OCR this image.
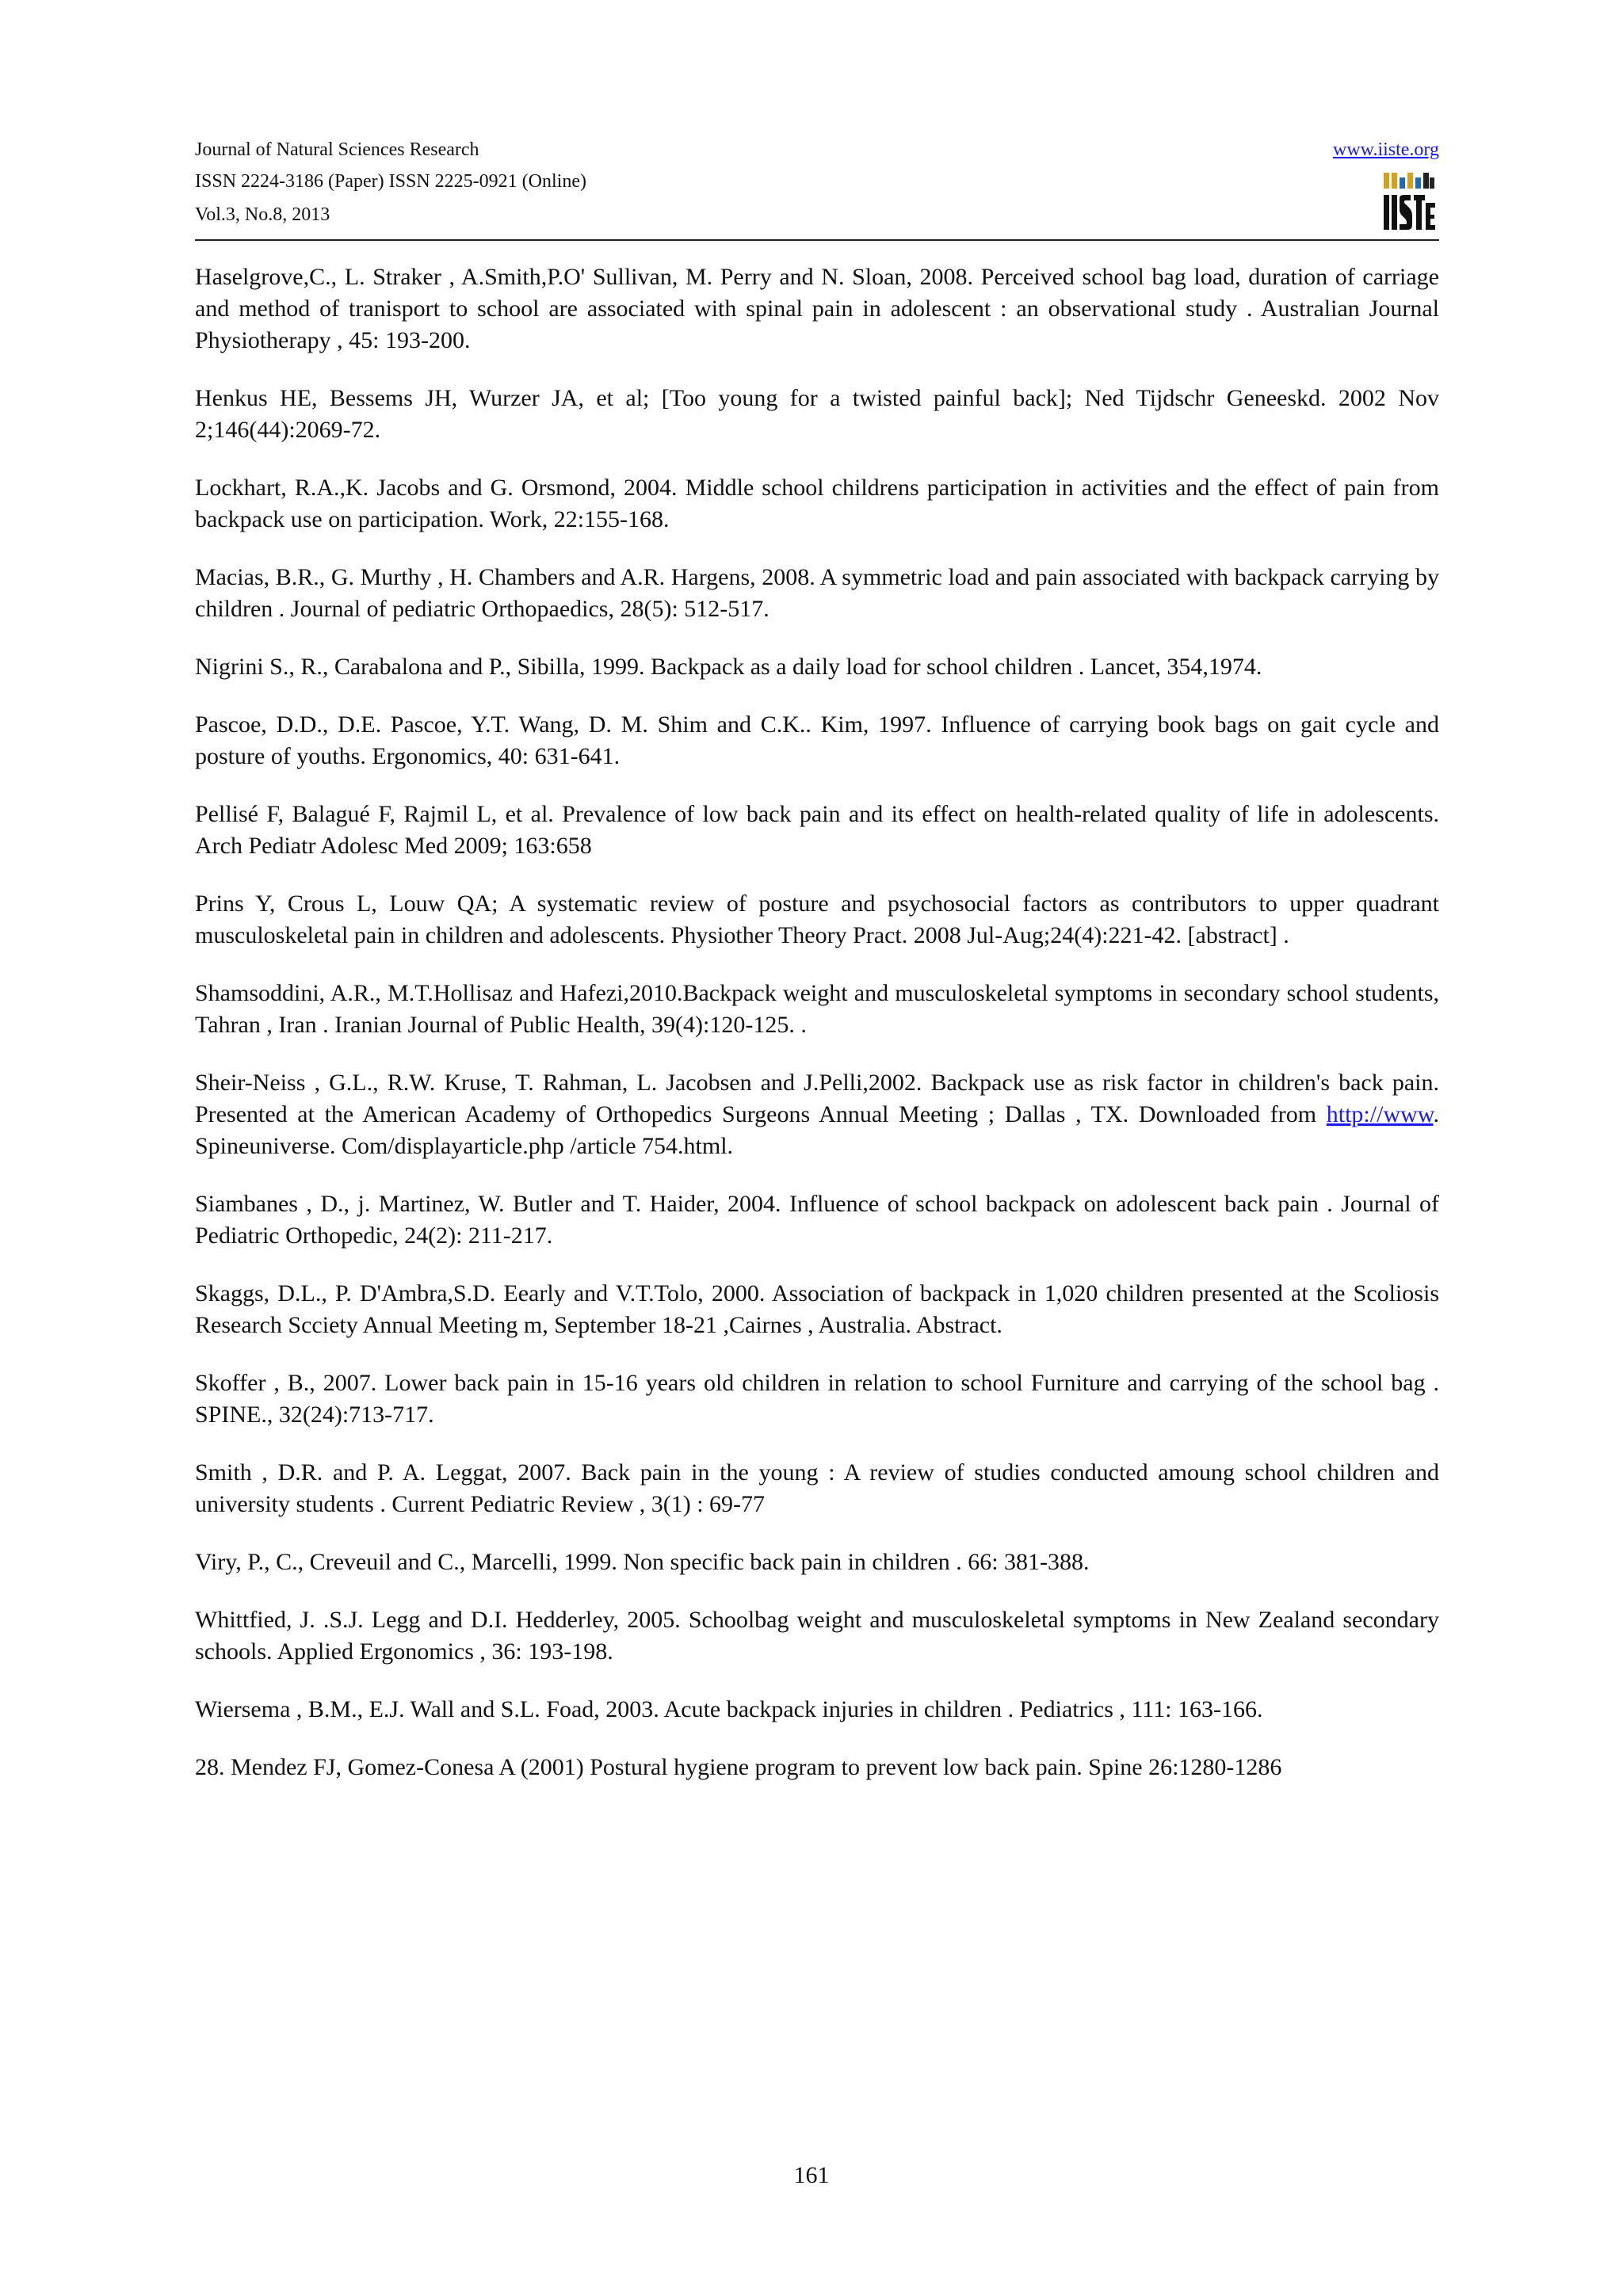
Journal of Natural Sciences Research
ISSN 2224-3186 (Paper) ISSN 2225-0921 (Online)
Vol.3, No.8, 2013
www.iiste.org

Haselgrove,C., L. Straker , A.Smith,P.O' Sullivan, M. Perry and N. Sloan, 2008. Perceived school bag load, duration of carriage and method of tranisport to school are associated with spinal pain in adolescent : an observational study . Australian Journal Physiotherapy , 45: 193-200.

Henkus HE, Bessems JH, Wurzer JA, et al; [Too young for a twisted painful back]; Ned Tijdschr Geneeskd. 2002 Nov 2;146(44):2069-72.

Lockhart, R.A.,K. Jacobs and G. Orsmond, 2004. Middle school childrens participation in activities and the effect of pain from backpack use on participation. Work, 22:155-168.

Macias, B.R., G. Murthy , H. Chambers and A.R. Hargens, 2008. A symmetric load and pain associated with backpack carrying by children . Journal of pediatric Orthopaedics, 28(5): 512-517.

Nigrini S., R., Carabalona and P., Sibilla, 1999. Backpack as a daily load for school children . Lancet, 354,1974.

Pascoe, D.D., D.E. Pascoe, Y.T. Wang, D. M. Shim and C.K.. Kim, 1997. Influence of carrying book bags on gait cycle and posture of youths. Ergonomics, 40: 631-641.

Pellisé F, Balagué F, Rajmil L, et al. Prevalence of low back pain and its effect on health-related quality of life in adolescents. Arch Pediatr Adolesc Med 2009; 163:658

Prins Y, Crous L, Louw QA; A systematic review of posture and psychosocial factors as contributors to upper quadrant musculoskeletal pain in children and adolescents. Physiother Theory Pract. 2008 Jul-Aug;24(4):221-42. [abstract] .

Shamsoddini, A.R., M.T.Hollisaz and Hafezi,2010.Backpack weight and musculoskeletal symptoms in secondary school students, Tahran , Iran . Iranian Journal of Public Health, 39(4):120-125. .

Sheir-Neiss , G.L., R.W. Kruse, T. Rahman, L. Jacobsen and J.Pelli,2002. Backpack use as risk factor in children's back pain. Presented at the American Academy of Orthopedics Surgeons Annual Meeting ; Dallas , TX. Downloaded from http://www. Spineuniverse. Com/displayarticle.php /article 754.html.

Siambanes , D., j. Martinez, W. Butler and T. Haider, 2004. Influence of school backpack on adolescent back pain . Journal of Pediatric Orthopedic, 24(2): 211-217.

Skaggs, D.L., P. D'Ambra,S.D. Eearly and V.T.Tolo, 2000. Association of backpack in 1,020 children presented at the Scoliosis Research Scciety Annual Meeting m, September 18-21 ,Cairnes , Australia. Abstract.

Skoffer , B., 2007. Lower back pain in 15-16 years old children in relation to school Furniture and carrying of the school bag . SPINE., 32(24):713-717.

Smith , D.R. and P. A. Leggat, 2007. Back pain in the young : A review of studies conducted amoung school children and university students . Current Pediatric Review , 3(1) : 69-77

Viry, P., C., Creveuil and C., Marcelli, 1999. Non specific back pain in children . 66: 381-388.

Whittfied, J. .S.J. Legg and D.I. Hedderley, 2005. Schoolbag weight and musculoskeletal symptoms in New Zealand secondary schools. Applied Ergonomics , 36: 193-198.

Wiersema , B.M., E.J. Wall and S.L. Foad, 2003. Acute backpack injuries in children . Pediatrics , 111: 163-166.

28. Mendez FJ, Gomez-Conesa A (2001) Postural hygiene program to prevent low back pain. Spine 26:1280-1286

161
